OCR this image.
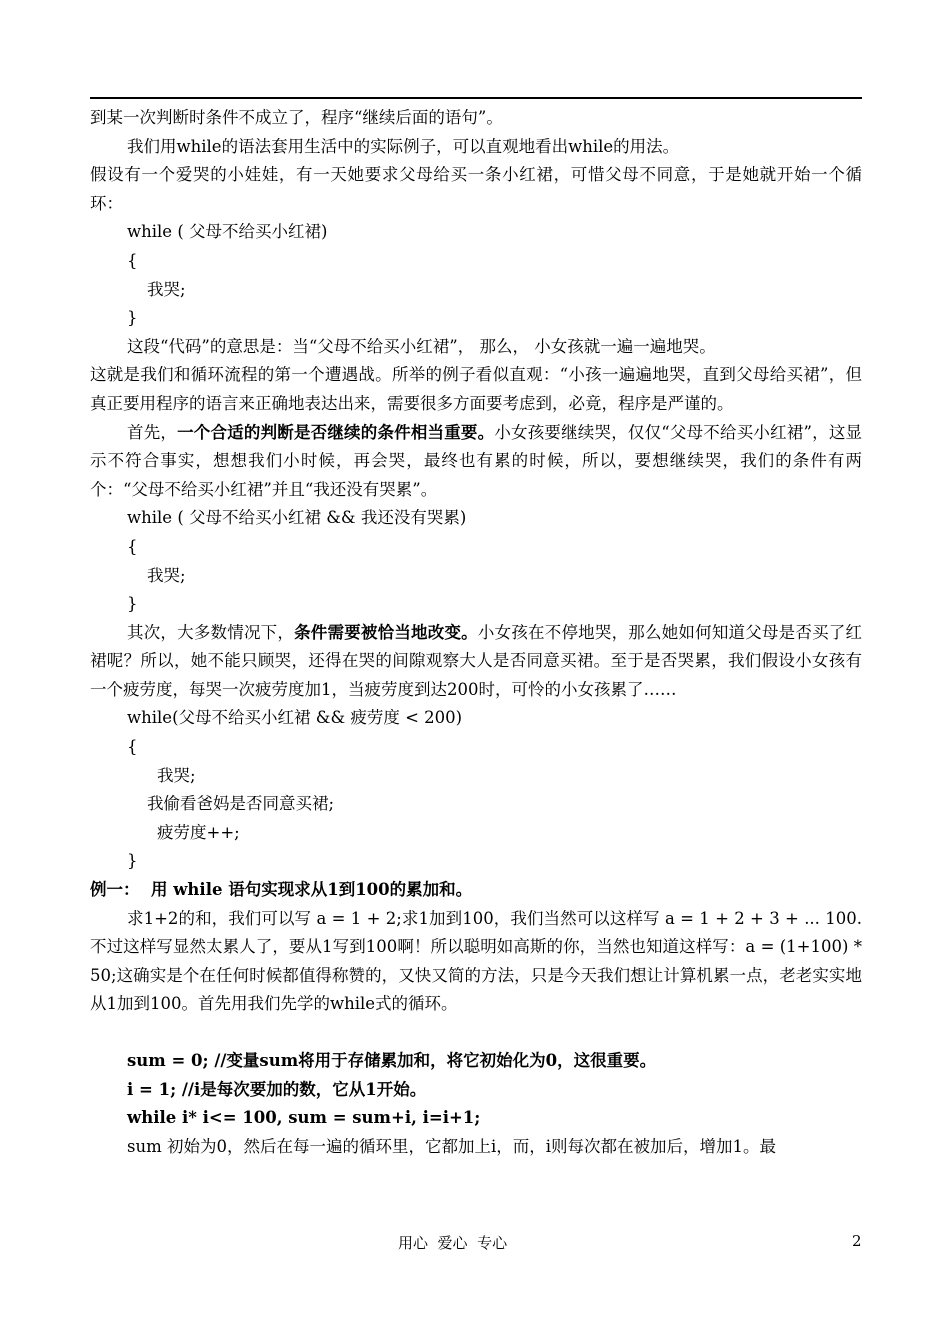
到某一次判断时条件不成立了，程序“继续后面的语句”。

我们用while的语法套用生活中的实际例子，可以直观地看出while的用法。

假设有一个爱哭的小娃娃，有一天她要求父母给买一条小红裙，可惜父母不同意，于是她就开始一个循环：

while ( 父母不给买小红裙)

{

我哭;

}

这段“代码”的意思是：当“父母不给买小红裙”， 那么， 小女孩就一遍一遍地哭。

这就是我们和循环流程的第一个遭遇战。所举的例子看似直观：“小孩一遍遍地哭，直到父母给买裙”，但真正要用程序的语言来正确地表达出来，需要很多方面要考虑到，必竟，程序是严谨的。

首先，一个合适的判断是否继续的条件相当重要。小女孩要继续哭，仅仅“父母不给买小红裙”，这显示不符合事实，想想我们小时候，再会哭，最终也有累的时候，所以，要想继续哭，我们的条件有两个：“父母不给买小红裙”并且“我还没有哭累”。

while ( 父母不给买小红裙 && 我还没有哭累)

{

我哭;

}

其次，大多数情况下，条件需要被恰当地改变。小女孩在不停地哭，那么她如何知道父母是否买了红裙呢？所以，她不能只顾哭，还得在哭的间隙观察大人是否同意买裙。至于是否哭累，我们假设小女孩有一个疲劳度，每哭一次疲劳度加1，当疲劳度到达200时，可怜的小女孩累了……

while(父母不给买小红裙 && 疲劳度 < 200)

{

我哭;

我偷看爸妈是否同意买裙;

疲劳度++;

}

例一：  用 while 语句实现求从1到100的累加和。

求1+2的和，我们可以写 a = 1 + 2;求1加到100，我们当然可以这样写 a = 1 + 2 + 3 + ... 100.不过这样写显然太累人了，要从1写到100啊！所以聪明如高斯的你，当然也知道这样写：a = (1+100) * 50;这确实是个在任何时候都值得称赞的，又快又简的方法，只是今天我们想让计算机累一点，老老实实地从1加到100。首先用我们先学的while式的循环。

sum = 0; //变量sum将用于存储累加和，将它初始化为0，这很重要。

i = 1; //i是每次要加的数，它从1开始。

while i* i<= 100, sum = sum+i, i=i+1;

sum 初始为0，然后在每一遍的循环里，它都加上i，而，i则每次都在被加后，增加1。最

用心  爱心  专心	2
